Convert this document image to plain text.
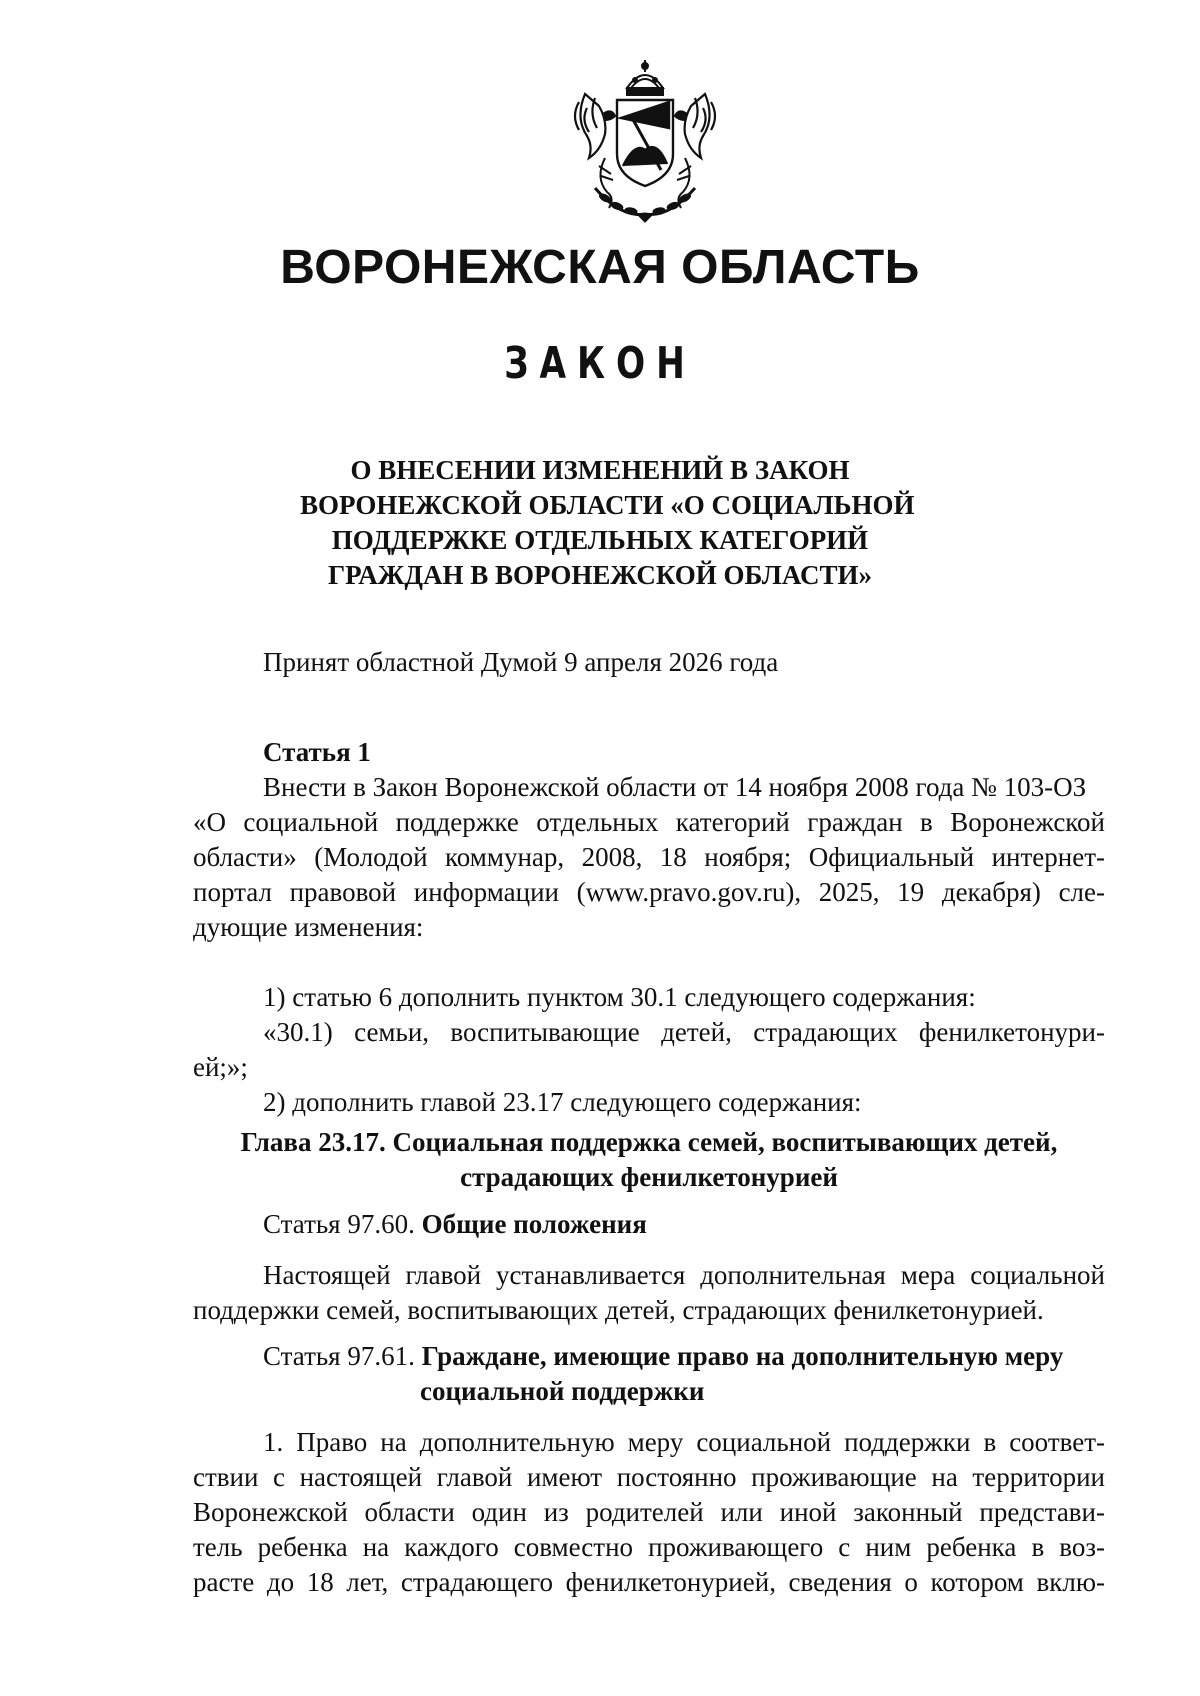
ВОРОНЕЖСКАЯ ОБЛАСТЬ
ЗАКОН
О ВНЕСЕНИИ ИЗМЕНЕНИЙ В ЗАКОН
ВОРОНЕЖСКОЙ ОБЛАСТИ «О СОЦИАЛЬНОЙ
ПОДДЕРЖКЕ ОТДЕЛЬНЫХ КАТЕГОРИЙ
ГРАЖДАН В ВОРОНЕЖСКОЙ ОБЛАСТИ»

Принят областной Думой 9 апреля 2026 года

Статья 1

Внести в Закон Воронежской области от 14 ноября 2008 года № 103-ОЗ
«О социальной поддержке отдельных категорий граждан в Воронежской
области» (Молодой коммунар, 2008, 18 ноября; Официальный интернет-
портал правовой информации (www.pravo.gov.ru), 2025, 19 декабря) сле-
дующие изменения:
1) статью 6 дополнить пунктом 30.1 следующего содержания:
«30.1) семьи, воспитывающие детей, страдающих фенилкетонури-
ей;»;
2) дополнить главой 23.17 следующего содержания:
Глава 23.17. Социальная поддержка семей, воспитывающих детей,
страдающих фенилкетонурией

Статья 97.60. Общие положения

Настоящей главой устанавливается дополнительная мера социальной
поддержки семей, воспитывающих детей, страдающих фенилкетонурией.

Статья 97.61. Граждане, имеющие право на дополнительную меру

социальной поддержки

1. Право на дополнительную меру социальной поддержки в соответ-
ствии с настоящей главой имеют постоянно проживающие на территории
Воронежской области один из родителей или иной законный представи-
тель ребенка на каждого совместно проживающего с ним ребенка в воз-
расте до 18 лет, страдающего фенилкетонурией, сведения о котором вклю-
